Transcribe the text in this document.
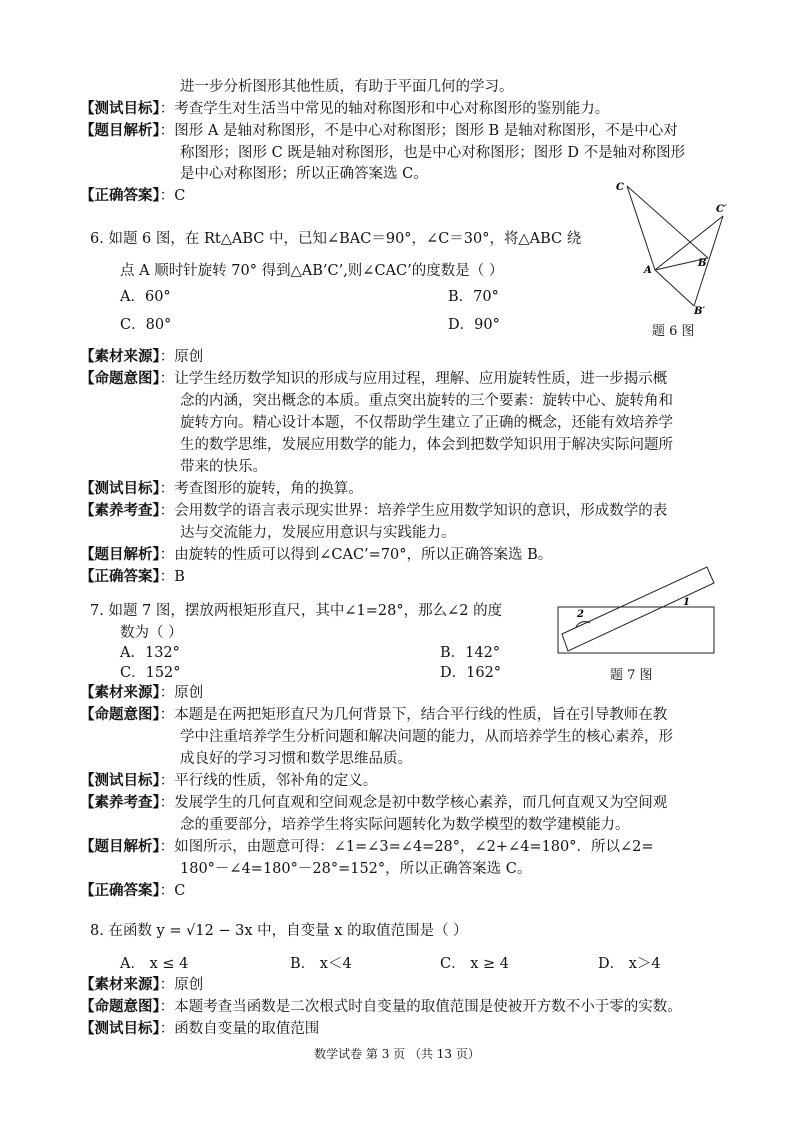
进一步分析图形其他性质，有助于平面几何的学习。
【测试目标】：考查学生对生活当中常见的轴对称图形和中心对称图形的鉴别能力。
【题目解析】：图形 A 是轴对称图形，不是中心对称图形；图形 B 是轴对称图形，不是中心对
称图形；图形 C 既是轴对称图形，也是中心对称图形；图形 D 不是轴对称图形
是中心对称图形；所以正确答案选 C。
【正确答案】：C
6. 如题 6 图，在 Rt△ABC 中，已知∠BAC＝90°，∠C＝30°，将△ABC 绕
点 A 顺时针旋转 70° 得到△AB’C’,则∠CAC’的度数是（ ）
A．60°	B．70°
C．80°	D．90°
C
C′
A
B
B′
题 6 图
【素材来源】：原创
【命题意图】：让学生经历数学知识的形成与应用过程，理解、应用旋转性质，进一步揭示概
念的内涵，突出概念的本质。重点突出旋转的三个要素：旋转中心、旋转角和
旋转方向。精心设计本题，不仅帮助学生建立了正确的概念，还能有效培养学
生的数学思维，发展应用数学的能力，体会到把数学知识用于解决实际问题所
带来的快乐。
【测试目标】：考查图形的旋转，角的换算。
【素养考查】：会用数学的语言表示现实世界：培养学生应用数学知识的意识，形成数学的表
达与交流能力，发展应用意识与实践能力。
【题目解析】：由旋转的性质可以得到∠CAC’=70°，所以正确答案选 B。
【正确答案】：B
7. 如题 7 图，摆放两根矩形直尺，其中∠1=28°，那么∠2 的度
数为（ ）
A．132°	B．142°
C．152°	D．162°
2
1
题 7 图
【素材来源】：原创
【命题意图】：本题是在两把矩形直尺为几何背景下，结合平行线的性质，旨在引导教师在教
学中注重培养学生分析问题和解决问题的能力，从而培养学生的核心素养，形
成良好的学习习惯和数学思维品质。
【测试目标】：平行线的性质，邻补角的定义。
【素养考查】：发展学生的几何直观和空间观念是初中数学核心素养，而几何直观又为空间观
念的重要部分，培养学生将实际问题转化为数学模型的数学建模能力。
【题目解析】：如图所示，由题意可得：∠1=∠3=∠4=28°，∠2+∠4=180°．所以∠2=
180°－∠4=180°－28°=152°，所以正确答案选 C。
【正确答案】：C
8. 在函数 y = √12 − 3x 中，自变量 x 的取值范围是（ ）
A． x ≤ 4	B． x＜4	C． x ≥ 4	D． x＞4
【素材来源】：原创
【命题意图】：本题考查当函数是二次根式时自变量的取值范围是使被开方数不小于零的实数。
【测试目标】：函数自变量的取值范围
数学试卷 第 3 页 （共 13 页）
